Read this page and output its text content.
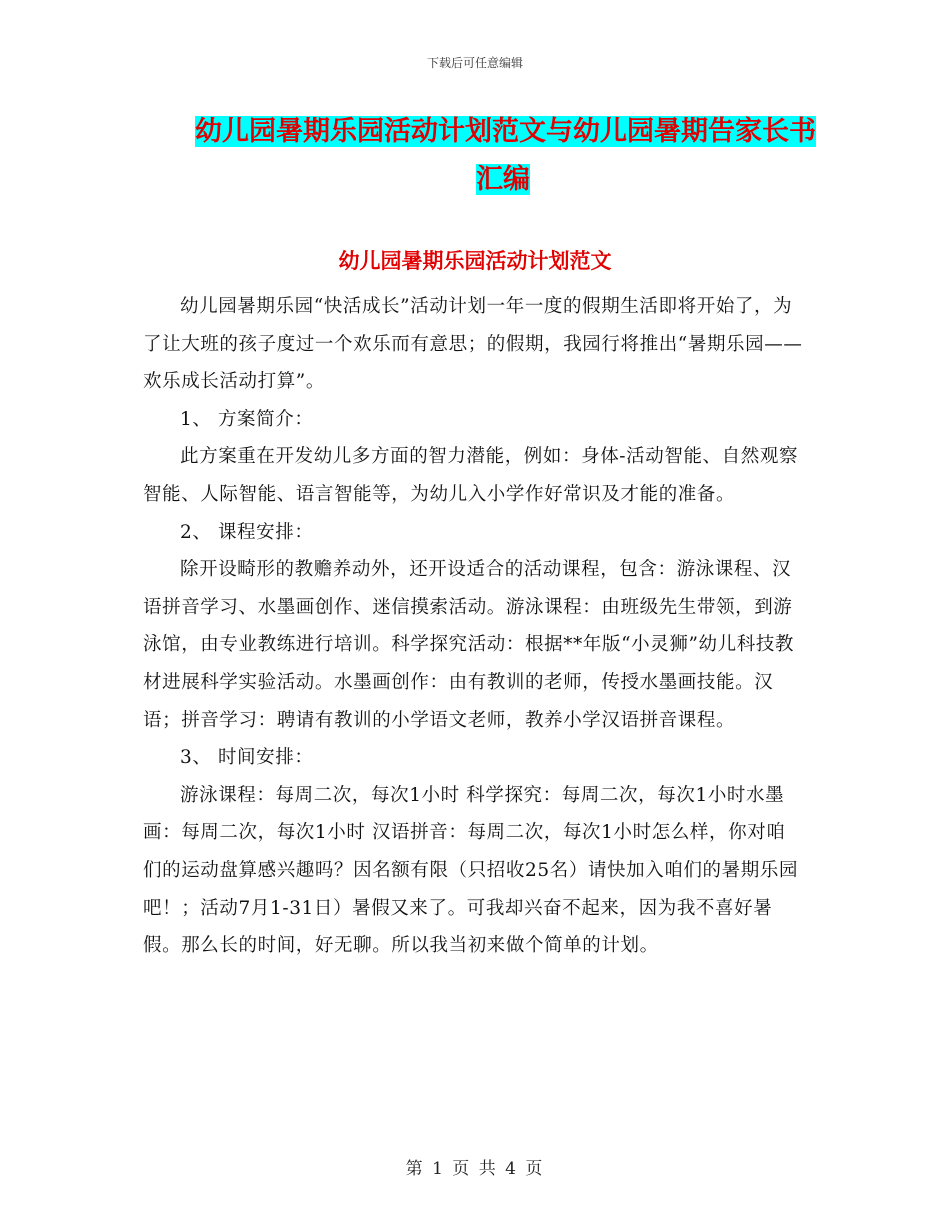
下载后可任意编辑
幼儿园暑期乐园活动计划范文与幼儿园暑期告家长书
汇编
幼儿园暑期乐园活动计划范文

幼儿园暑期乐园“快活成长”活动计划一年一度的假期生活即将开始了，为了让大班的孩子度过一个欢乐而有意思；的假期，我园行将推出“暑期乐园——欢乐成长活动打算”。

1、 方案简介：

此方案重在开发幼儿多方面的智力潜能，例如：身体-活动智能、自然观察智能、人际智能、语言智能等，为幼儿入小学作好常识及才能的准备。

2、 课程安排：

除开设畸形的教赡养动外，还开设适合的活动课程，包含：游泳课程、汉语拼音学习、水墨画创作、迷信摸索活动。游泳课程：由班级先生带领，到游泳馆，由专业教练进行培训。科学探究活动：根据**年版“小灵狮”幼儿科技教材进展科学实验活动。水墨画创作：由有教训的老师，传授水墨画技能。汉语；拼音学习：聘请有教训的小学语文老师，教养小学汉语拼音课程。

3、 时间安排：

游泳课程：每周二次，每次1小时 科学探究：每周二次，每次1小时水墨画：每周二次，每次1小时 汉语拼音：每周二次，每次1小时怎么样，你对咱们的运动盘算感兴趣吗？因名额有限（只招收25名）请快加入咱们的暑期乐园吧！；活动7月1-31日）暑假又来了。可我却兴奋不起来，因为我不喜好暑假。那么长的时间，好无聊。所以我当初来做个简单的计划。

第 1 页 共 4 页
